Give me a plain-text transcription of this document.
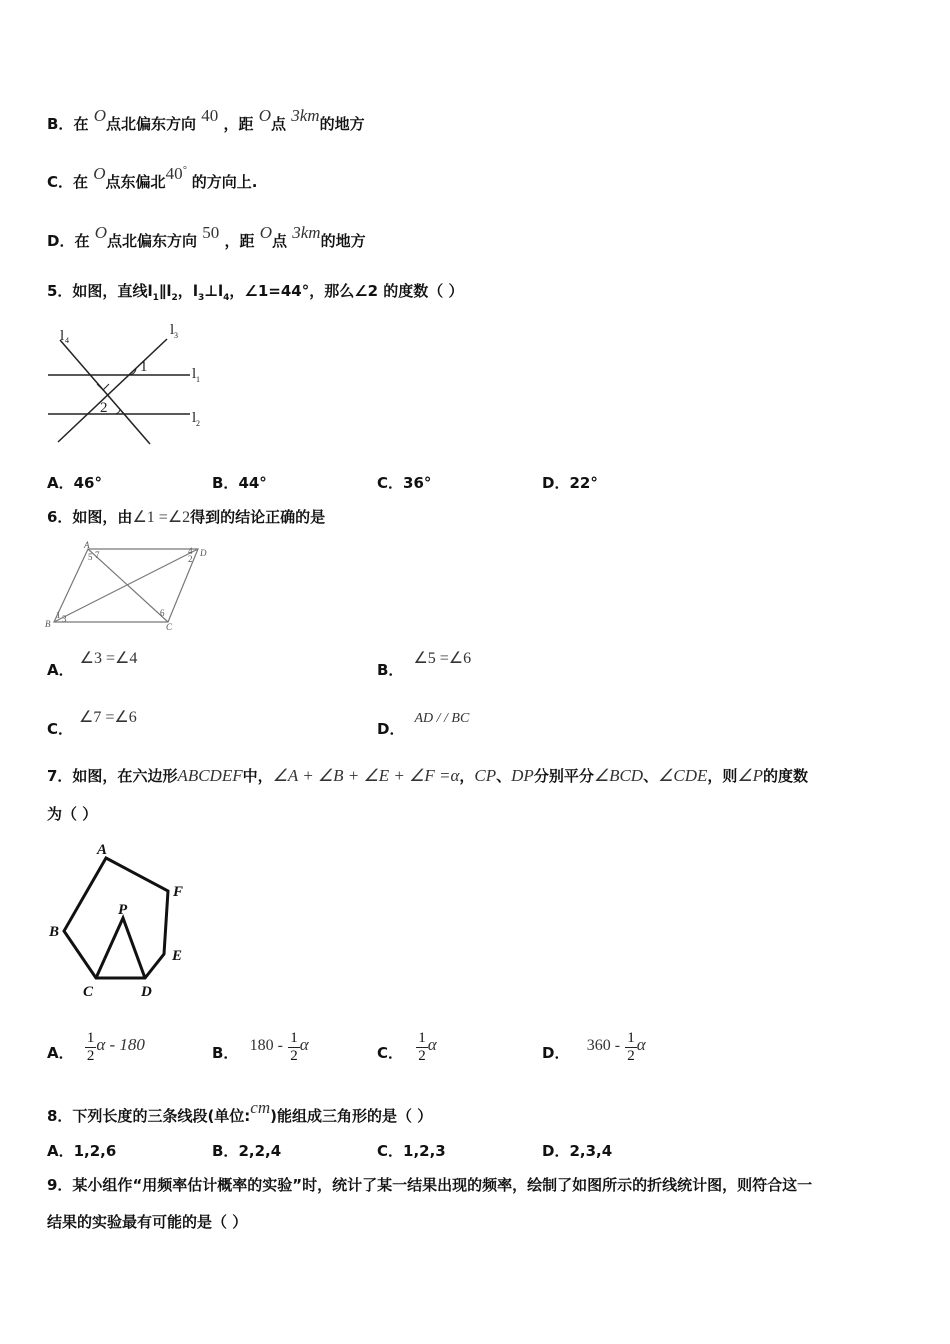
B．在 O点北偏东方向 40 ，距 O点 3km的地方
C．在 O点东偏北40° 的方向上.
D．在 O点北偏东方向 50 ，距 O点 3km的地方
5．如图，直线$l_1\parallel l_2$，$l_3\perp l_4$，∠1=44°，那么∠2 的度数（ ）
l 4
l 3
l 1
l 2
1
2
A．46°	B．44°	C．36°	D．22°
6．如图，由∠1 =∠2得到的结论正确的是
A
B	C
D
2
4
1 3
5
6
7
A．∠3 =∠4
B．∠5 =∠6
C．∠7 =∠6
D．AD / / BC
7．如图，在六边形ABCDEF中，∠A + ∠B + ∠E + ∠F =α，CP、DP分别平分∠BCD、∠CDE，则∠P的度数
为（ ）
A
F
B
P
E
C	D
A． $\frac{1}{2}$ α - 180	B． $180 - \frac{1}{2}$ α	C． $\frac{1}{2}$ α	D． $360 - \frac{1}{2}$ α
8．下列长度的三条线段(单位:cm)能组成三角形的是（ ）
A．1,2,6	B．2,2,4	C．1,2,3	D．2,3,4
9．某小组作“用频率估计概率的实验”时，统计了某一结果出现的频率，绘制了如图所示的折线统计图，则符合这一
结果的实验最有可能的是（ ）
